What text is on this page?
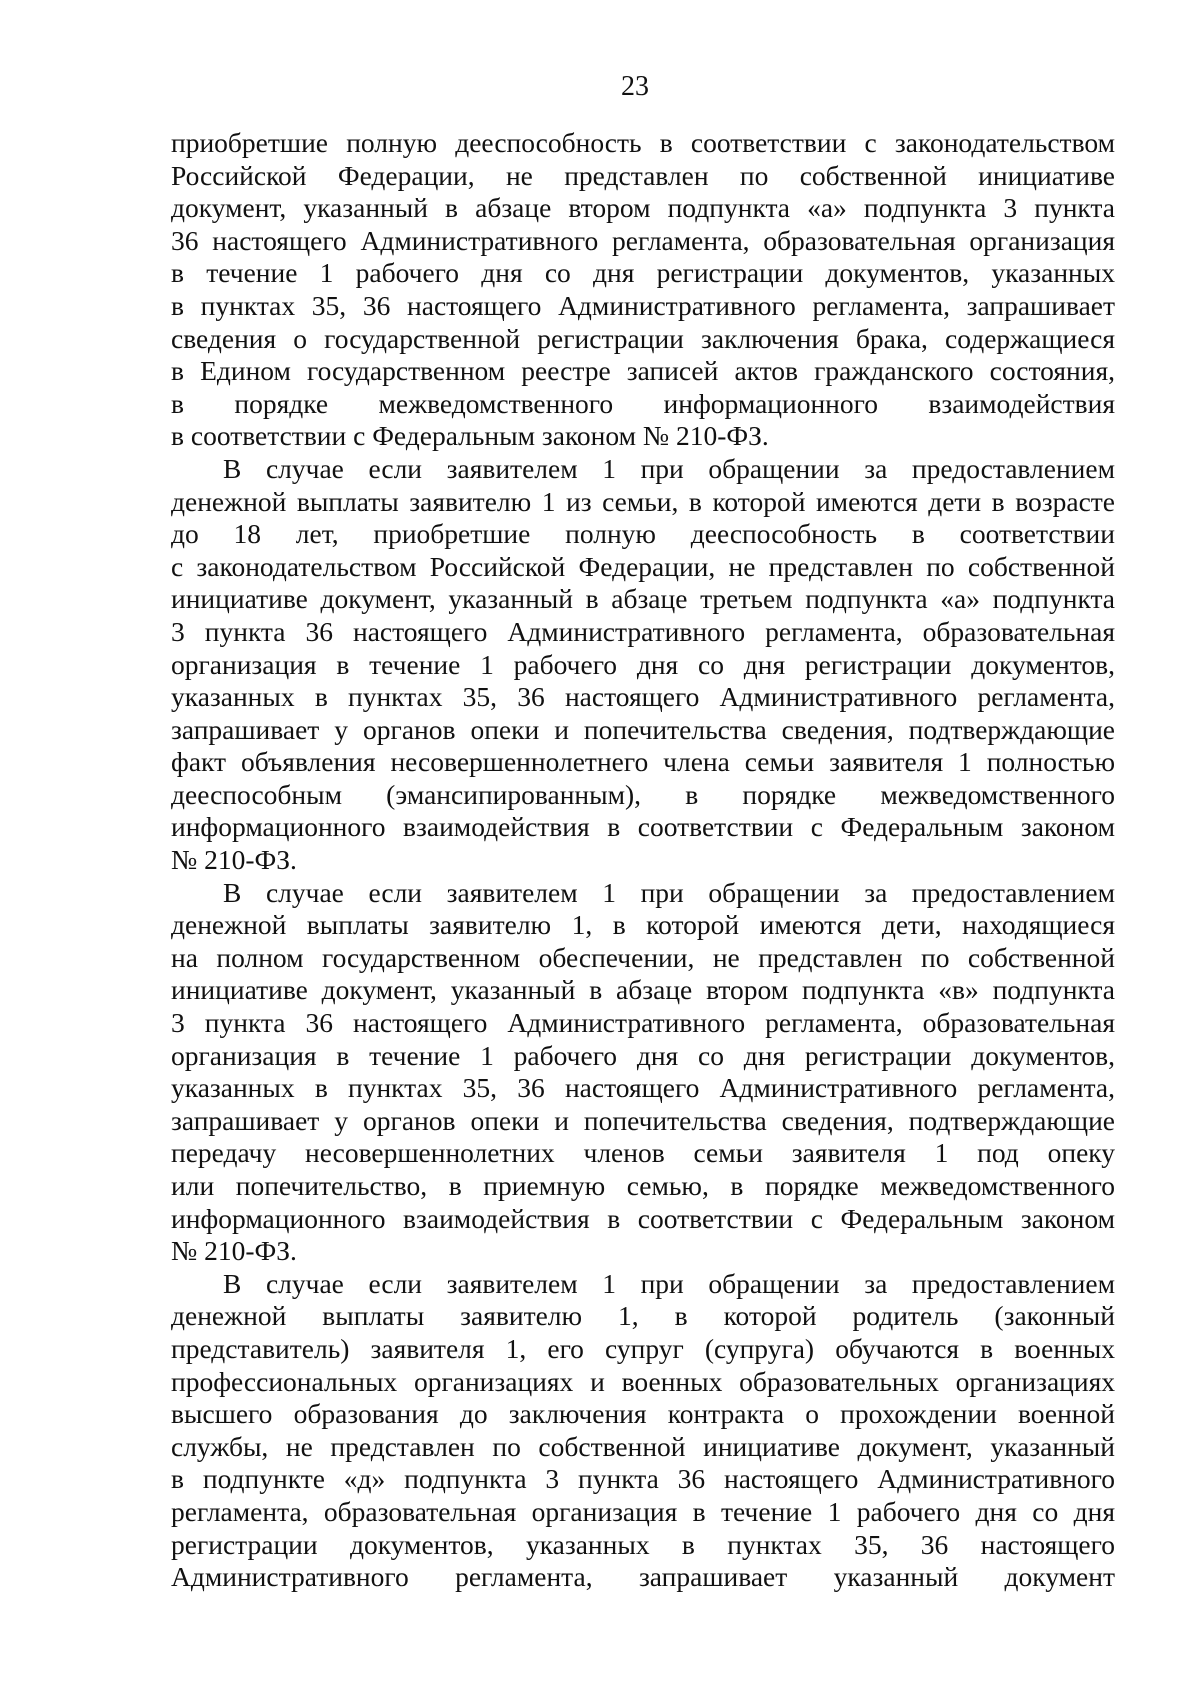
23
приобретшие полную дееспособность в соответствии с законодательством
Российской Федерации, не представлен по собственной инициативе
документ, указанный в абзаце втором подпункта «а» подпункта 3 пункта
36 настоящего Административного регламента, образовательная организация
в течение 1 рабочего дня со дня регистрации документов, указанных
в пунктах 35, 36 настоящего Административного регламента, запрашивает
сведения о государственной регистрации заключения брака, содержащиеся
в Едином государственном реестре записей актов гражданского состояния,
в порядке межведомственного информационного взаимодействия
в соответствии с Федеральным законом № 210-ФЗ.
В случае если заявителем 1 при обращении за предоставлением
денежной выплаты заявителю 1 из семьи, в которой имеются дети в возрасте
до 18 лет, приобретшие полную дееспособность в соответствии
с законодательством Российской Федерации, не представлен по собственной
инициативе документ, указанный в абзаце третьем подпункта «а» подпункта
3 пункта 36 настоящего Административного регламента, образовательная
организация в течение 1 рабочего дня со дня регистрации документов,
указанных в пунктах 35, 36 настоящего Административного регламента,
запрашивает у органов опеки и попечительства сведения, подтверждающие
факт объявления несовершеннолетнего члена семьи заявителя 1 полностью
дееспособным (эмансипированным), в порядке межведомственного
информационного взаимодействия в соответствии с Федеральным законом
№ 210-ФЗ.
В случае если заявителем 1 при обращении за предоставлением
денежной выплаты заявителю 1, в которой имеются дети, находящиеся
на полном государственном обеспечении, не представлен по собственной
инициативе документ, указанный в абзаце втором подпункта «в» подпункта
3 пункта 36 настоящего Административного регламента, образовательная
организация в течение 1 рабочего дня со дня регистрации документов,
указанных в пунктах 35, 36 настоящего Административного регламента,
запрашивает у органов опеки и попечительства сведения, подтверждающие
передачу несовершеннолетних членов семьи заявителя 1 под опеку
или попечительство, в приемную семью, в порядке межведомственного
информационного взаимодействия в соответствии с Федеральным законом
№ 210-ФЗ.
В случае если заявителем 1 при обращении за предоставлением
денежной выплаты заявителю 1, в которой родитель (законный
представитель) заявителя 1, его супруг (супруга) обучаются в военных
профессиональных организациях и военных образовательных организациях
высшего образования до заключения контракта о прохождении военной
службы, не представлен по собственной инициативе документ, указанный
в подпункте «д» подпункта 3 пункта 36 настоящего Административного
регламента, образовательная организация в течение 1 рабочего дня со дня
регистрации документов, указанных в пунктах 35, 36 настоящего
Административного регламента, запрашивает указанный документ
